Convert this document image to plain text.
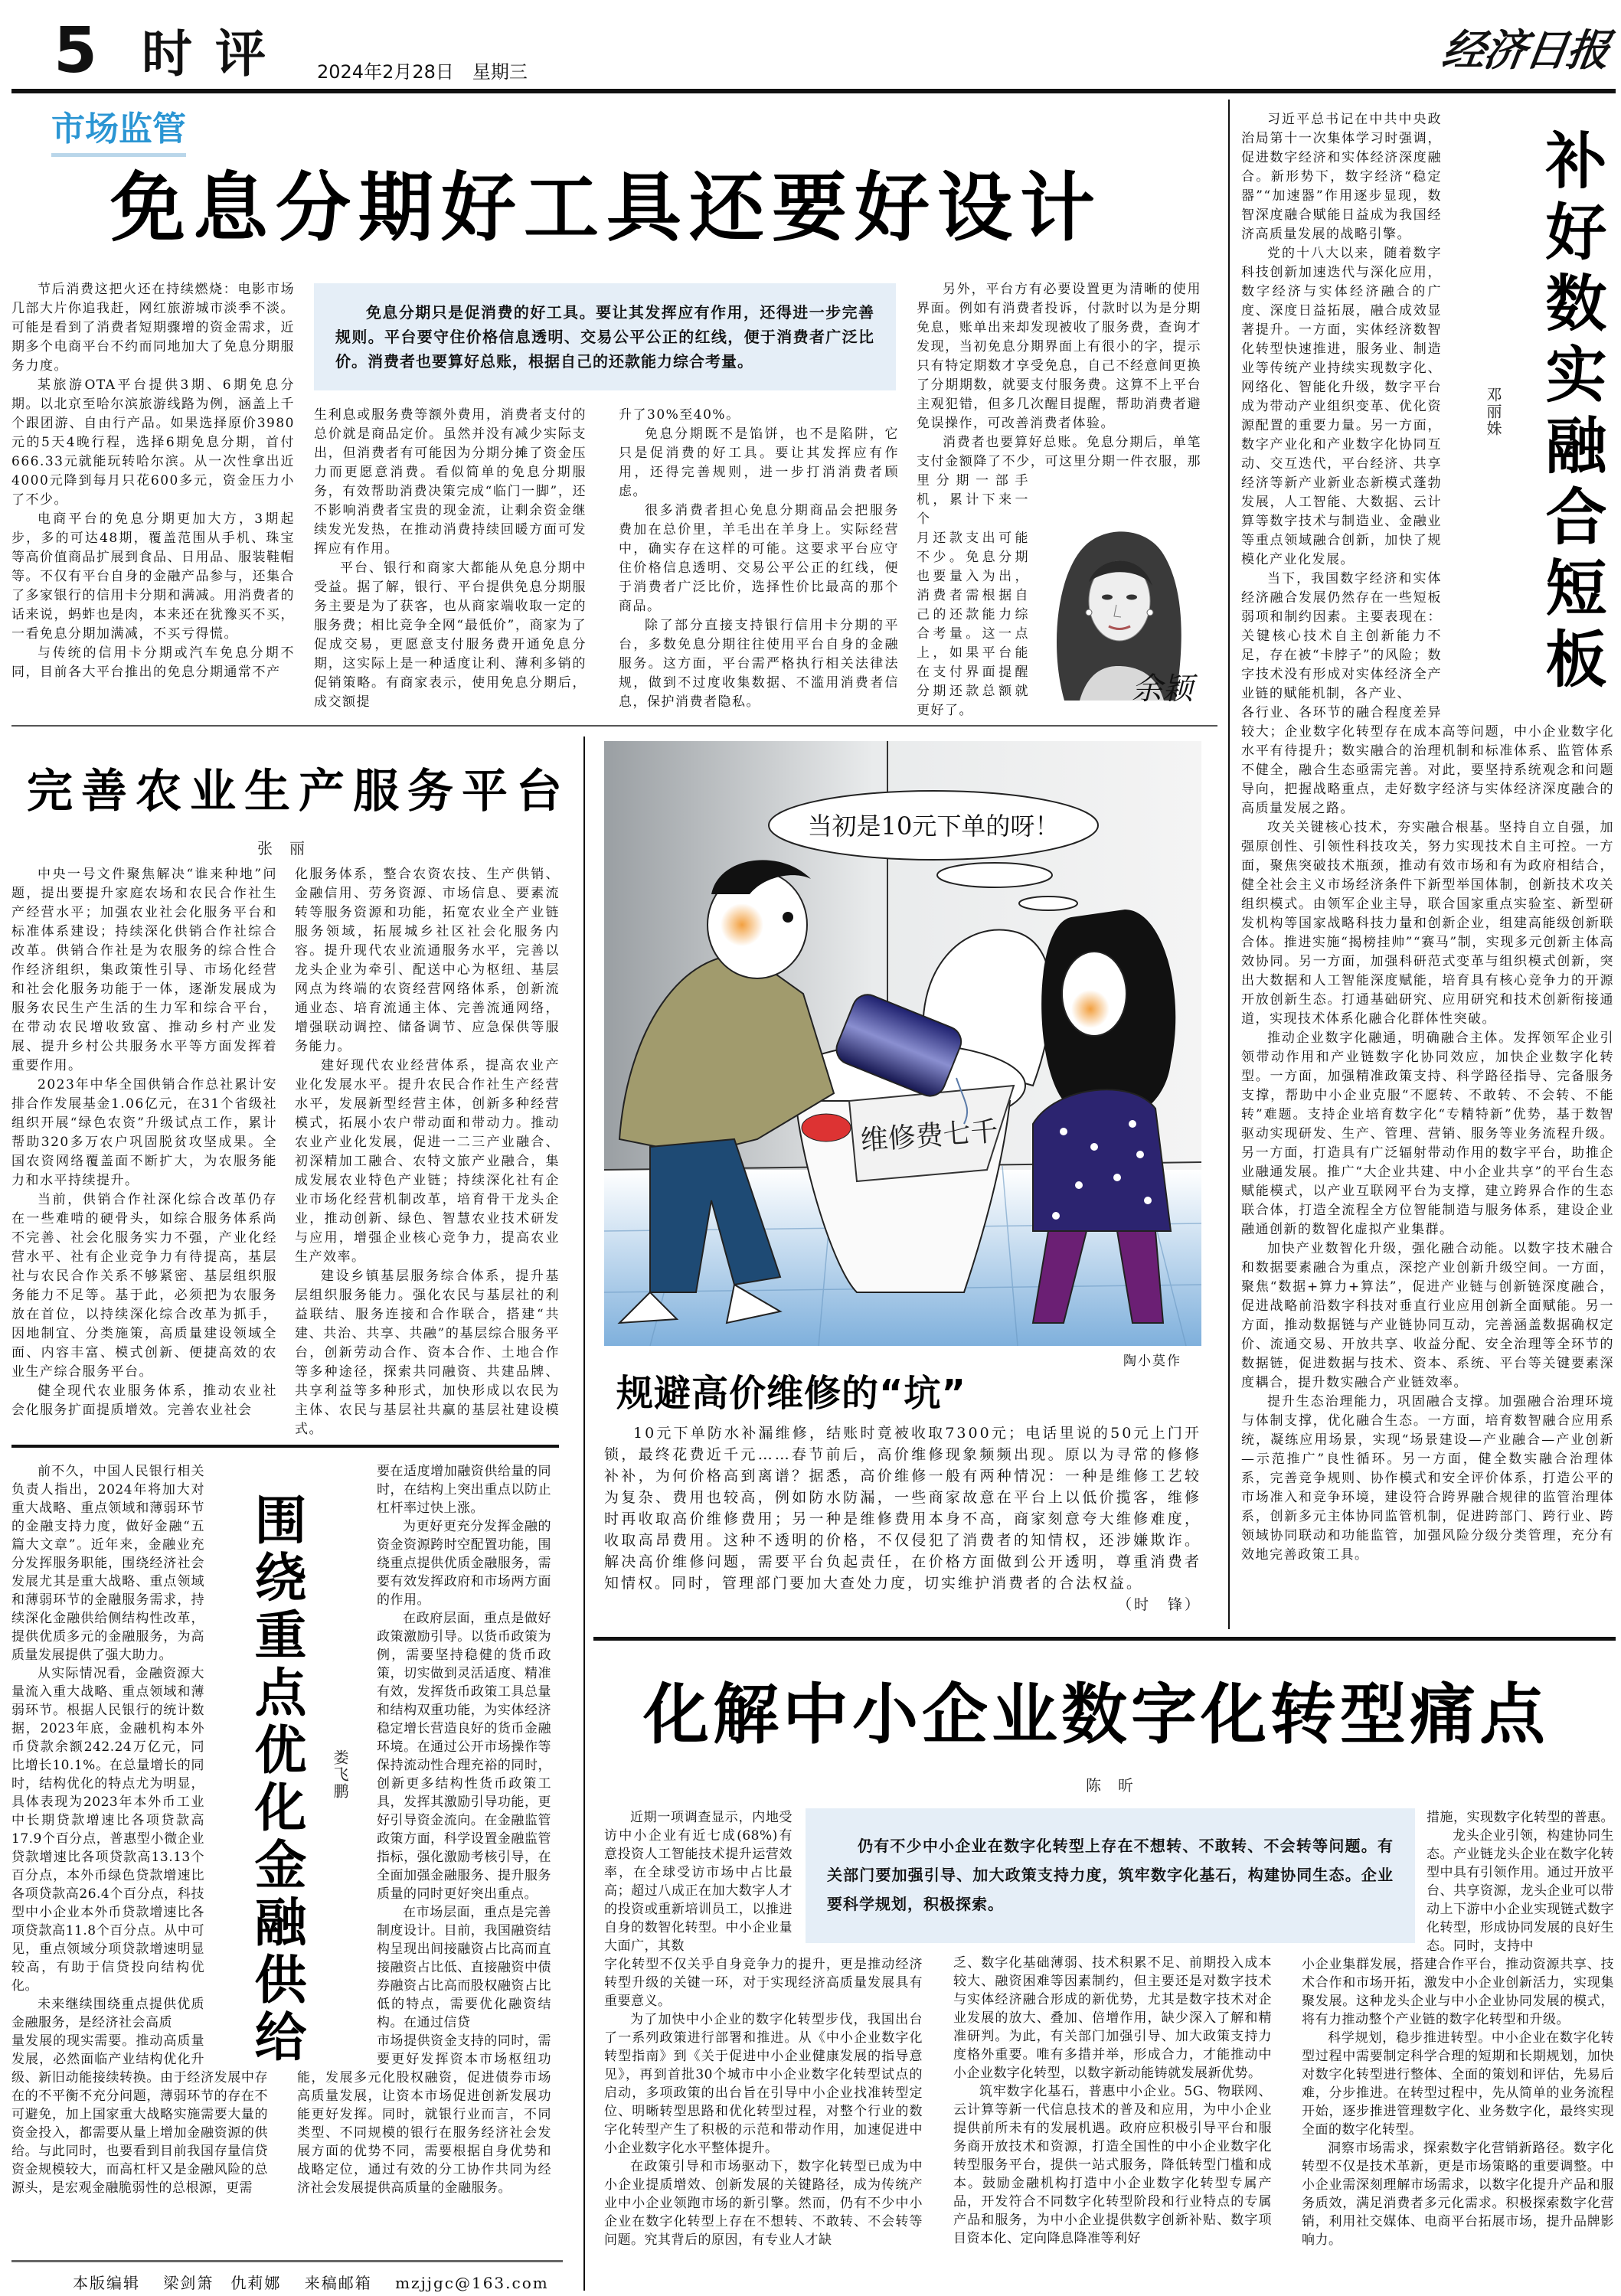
5 时评 2024年2月28日　星期三	经济日报
市场监管
免息分期好工具还要好设计

节后消费这把火还在持续燃烧：电影市场几部大片你追我赶，网红旅游城市淡季不淡。可能是看到了消费者短期骤增的资金需求，近期多个电商平台不约而同地加大了免息分期服务力度。

某旅游OTA平台提供3期、6期免息分期。以北京至哈尔滨旅游线路为例，涵盖上千个跟团游、自由行产品。如果选择原价3980元的5天4晚行程，选择6期免息分期，首付666.33元就能玩转哈尔滨。从一次性拿出近4000元降到每月只花600多元，资金压力小了不少。

电商平台的免息分期更加大方，3期起步，多的可达48期，覆盖范围从手机、珠宝等高价值商品扩展到食品、日用品、服装鞋帽等。不仅有平台自身的金融产品参与，还集合了多家银行的信用卡分期和满减。用消费者的话来说，蚂蚱也是肉，本来还在犹豫买不买，一看免息分期加满减，不买亏得慌。

与传统的信用卡分期或汽车免息分期不同，目前各大平台推出的免息分期通常不产

免息分期只是促消费的好工具。要让其发挥应有作用，还得进一步完善规则。平台要守住价格信息透明、交易公平公正的红线，便于消费者广泛比价。消费者也要算好总账，根据自己的还款能力综合考量。

生利息或服务费等额外费用，消费者支付的总价就是商品定价。虽然并没有减少实际支出，但消费者有可能因为分期分摊了资金压力而更愿意消费。看似简单的免息分期服务，有效帮助消费决策完成“临门一脚”，还不影响消费者宝贵的现金流，让剩余资金继续发光发热，在推动消费持续回暖方面可发挥应有作用。

平台、银行和商家大都能从免息分期中受益。据了解，银行、平台提供免息分期服务主要是为了获客，也从商家端收取一定的服务费；相比竞争全网“最低价”，商家为了促成交易，更愿意支付服务费开通免息分期，这实际上是一种适度让利、薄利多销的促销策略。有商家表示，使用免息分期后，成交额提

升了30%至40%。

免息分期既不是馅饼，也不是陷阱，它只是促消费的好工具。要让其发挥应有作用，还得完善规则，进一步打消消费者顾虑。

很多消费者担心免息分期商品会把服务费加在总价里，羊毛出在羊身上。实际经营中，确实存在这样的可能。这要求平台应守住价格信息透明、交易公平公正的红线，便于消费者广泛比价，选择性价比最高的那个商品。

除了部分直接支持银行信用卡分期的平台，多数免息分期往往使用平台自身的金融服务。这方面，平台需严格执行相关法律法规，做到不过度收集数据、不滥用消费者信息，保护消费者隐私。

另外，平台方有必要设置更为清晰的使用界面。例如有消费者投诉，付款时以为是分期免息，账单出来却发现被收了服务费，查询才发现，当初免息分期界面上有很小的字，提示只有特定期数才享受免息，自己不经意间更换了分期期数，就要支付服务费。这算不上平台主观犯错，但多几次醒目提醒，帮助消费者避免误操作，可改善消费者体验。

消费者也要算好总账。免息分期后，单笔支付金额降了不少，可这里分期一件衣服，那里分期一部手机，累计下来一个

月还款支出可能不少。免息分期也要量入为出，消费者需根据自己的还款能力综合考量。这一点上，如果平台能在支付界面提醒分期还款总额就更好了。

余颖

习近平总书记在中共中央政治局第十一次集体学习时强调，促进数字经济和实体经济深度融合。新形势下，数字经济“稳定器”“加速器”作用逐步显现，数智深度融合赋能日益成为我国经济高质量发展的战略引擎。

党的十八大以来，随着数字科技创新加速迭代与深化应用，数字经济与实体经济融合的广度、深度日益拓展，融合成效显著提升。一方面，实体经济数智化转型快速推进，服务业、制造业等传统产业持续实现数字化、网络化、智能化升级，数字平台成为带动产业组织变革、优化资源配置的重要力量。另一方面，数字产业化和产业数字化协同互动、交互迭代，平台经济、共享经济等新产业新业态新模式蓬勃发展，人工智能、大数据、云计算等数字技术与制造业、金融业等重点领域融合创新，加快了规模化产业化发展。

当下，我国数字经济和实体经济融合发展仍然存在一些短板弱项和制约因素。主要表现在：关键核心技术自主创新能力不足，存在被“卡脖子”的风险；数字技术没有形成对实体经济全产业链的赋能机制，各产业、

各行业、各环节的融合程度差异较大；企业数字化转型存在成本高等问题，中小企业数字化水平有待提升；数实融合的治理机制和标准体系、监管体系不健全，融合生态亟需完善。对此，要坚持系统观念和问题导向，把握战略重点，走好数字经济与实体经济深度融合的高质量发展之路。

攻关关键核心技术，夯实融合根基。坚持自立自强，加强原创性、引领性科技攻关，努力实现技术自主可控。一方面，聚焦突破技术瓶颈，推动有效市场和有为政府相结合，健全社会主义市场经济条件下新型举国体制，创新技术攻关组织模式。由领军企业主导，联合国家重点实验室、新型研发机构等国家战略科技力量和创新企业，组建高能级创新联合体。推进实施“揭榜挂帅”“赛马”制，实现多元创新主体高效协同。另一方面，加强科研范式变革与组织模式创新，突出大数据和人工智能深度赋能，培育具有核心竞争力的开源开放创新生态。打通基础研究、应用研究和技术创新衔接通道，实现技术体系化融合化群体性突破。

推动企业数字化融通，明确融合主体。发挥领军企业引领带动作用和产业链数字化协同效应，加快企业数字化转型。一方面，加强精准政策支持、科学路径指导、完备服务支撑，帮助中小企业克服“不愿转、不敢转、不会转、不能转”难题。支持企业培育数字化“专精特新”优势，基于数智驱动实现研发、生产、管理、营销、服务等业务流程升级。另一方面，打造具有广泛辐射带动作用的数字平台，助推企业融通发展。推广“大企业共建、中小企业共享”的平台生态赋能模式，以产业互联网平台为支撑，建立跨界合作的生态联合体，打造全流程全方位智能制造与服务体系，建设企业融通创新的数智化虚拟产业集群。

加快产业数智化升级，强化融合动能。以数字技术融合和数据要素融合为重点，深挖产业创新升级空间。一方面，聚焦“数据+算力+算法”，促进产业链与创新链深度融合，促进战略前沿数字科技对垂直行业应用创新全面赋能。另一方面，推动数据链与产业链协同互动，完善涵盖数据确权定价、流通交易、开放共享、收益分配、安全治理等全环节的数据链，促进数据与技术、资本、系统、平台等关键要素深度耦合，提升数实融合产业链效率。

提升生态治理能力，巩固融合支撑。加强融合治理环境与体制支撑，优化融合生态。一方面，培育数智融合应用系统，凝练应用场景，实现“场景建设—产业融合—产业创新—示范推广”良性循环。另一方面，健全数实融合治理体系，完善竞争规则、协作模式和安全评价体系，打造公平的市场准入和竞争环境，建设符合跨界融合规律的监管治理体系，创新多元主体协同监管机制，促进跨部门、跨行业、跨领域协同联动和功能监管，加强风险分级分类管理，充分有效地完善政策工具。

邓丽姝 补好数实融合短板
完善农业生产服务平台
张丽

中央一号文件聚焦解决“谁来种地”问题，提出要提升家庭农场和农民合作社生产经营水平；加强农业社会化服务平台和标准体系建设；持续深化供销合作社综合改革。供销合作社是为农服务的综合性合作经济组织，集政策性引导、市场化经营和社会化服务功能于一体，逐渐发展成为服务农民生产生活的生力军和综合平台，在带动农民增收致富、推动乡村产业发展、提升乡村公共服务水平等方面发挥着重要作用。

2023年中华全国供销合作总社累计安排合作发展基金1.06亿元，在31个省级社组织开展“绿色农资”升级试点工作，累计帮助320多万农户巩固脱贫攻坚成果。全国农资网络覆盖面不断扩大，为农服务能力和水平持续提升。

当前，供销合作社深化综合改革仍存在一些难啃的硬骨头，如综合服务体系尚不完善、社会化服务实力不强，产业化经营水平、社有企业竞争力有待提高，基层社与农民合作关系不够紧密、基层组织服务能力不足等。基于此，必须把为农服务放在首位，以持续深化综合改革为抓手，因地制宜、分类施策，高质量建设领域全面、内容丰富、模式创新、便捷高效的农业生产综合服务平台。

健全现代农业服务体系，推动农业社会化服务扩面提质增效。完善农业社会

化服务体系，整合农资农技、生产供销、金融信用、劳务资源、市场信息、要素流转等服务资源和功能，拓宽农业全产业链服务领域，拓展城乡社区社会化服务内容。提升现代农业流通服务水平，完善以龙头企业为牵引、配送中心为枢纽、基层网点为终端的农资经营网络体系，创新流通业态、培育流通主体、完善流通网络，增强联动调控、储备调节、应急保供等服务能力。

建好现代农业经营体系，提高农业产业化发展水平。提升农民合作社生产经营水平，发展新型经营主体，创新多种经营模式，拓展小农户带动面和带动力。推动农业产业化发展，促进一二三产业融合、初深精加工融合、农特文旅产业融合，集成发展农业特色产业链；持续深化社有企业市场化经营机制改革，培育骨干龙头企业，推动创新、绿色、智慧农业技术研发与应用，增强企业核心竞争力，提高农业生产效率。

建设乡镇基层服务综合体系，提升基层组织服务能力。强化农民与基层社的利益联结、服务连接和合作联合，搭建“共建、共治、共享、共融”的基层综合服务平台，创新劳动合作、资本合作、土地合作等多种途径，探索共同融资、共建品牌、共享利益等多种形式，加快形成以农民为主体、农民与基层社共赢的基层社建设模式。

当初是10元下单的呀！
维修费七千
陶小莫作
规避高价维修的“坑”

10元下单防水补漏维修，结账时竟被收取7300元；电话里说的50元上门开锁，最终花费近千元……春节前后，高价维修现象频频出现。原以为寻常的修修补补，为何价格高到离谱？据悉，高价维修一般有两种情况：一种是维修工艺较为复杂、费用也较高，例如防水防漏，一些商家故意在平台上以低价揽客，维修时再收取高价维修费用；另一种是维修费用本身不高，商家刻意夸大维修难度，收取高昂费用。这种不透明的价格，不仅侵犯了消费者的知情权，还涉嫌欺诈。解决高价维修问题，需要平台负起责任，在价格方面做到公开透明，尊重消费者知情权。同时，管理部门要加大查处力度，切实维护消费者的合法权益。

（时　锋）

前不久，中国人民银行相关负责人指出，2024年将加大对重大战略、重点领域和薄弱环节的金融支持力度，做好金融“五篇大文章”。近年来，金融业充分发挥服务职能，围绕经济社会发展尤其是重大战略、重点领域和薄弱环节的金融服务需求，持续深化金融供给侧结构性改革，提供优质多元的金融服务，为高质量发展提供了强大助力。

从实际情况看，金融资源大量流入重大战略、重点领域和薄弱环节。根据人民银行的统计数据，2023年底，金融机构本外币贷款余额242.24万亿元，同比增长10.1%。在总量增长的同时，结构优化的特点尤为明显，具体表现为2023年本外币工业中长期贷款增速比各项贷款高17.9个百分点，普惠型小微企业贷款增速比各项贷款高13.13个百分点，本外币绿色贷款增速比各项贷款高26.4个百分点，科技型中小企业本外币贷款增速比各项贷款高11.8个百分点。从中可见，重点领域分项贷款增速明显较高，有助于信贷投向结构优化。

未来继续围绕重点提供优质金融服务，是经济社会高质

量发展的现实需要。推动高质量发展，必然面临产业结构优化升级、新旧动能接续转换。由于经济发展中存在的不平衡不充分问题，薄弱环节的存在不可避免，加上国家重大战略实施需要大量的资金投入，都需要从量上增加金融资源的供给。与此同时，也要看到目前我国存量信贷资金规模较大，而高杠杆又是金融风险的总源头，是宏观金融脆弱性的总根源，更需

围绕重点优化金融供给	娄飞鹏

要在适度增加融资供给量的同时，在结构上突出重点以防止杠杆率过快上涨。

为更好更充分发挥金融的资金资源跨时空配置功能，围绕重点提供优质金融服务，需要有效发挥政府和市场两方面的作用。

在政府层面，重点是做好政策激励引导。以货币政策为例，需要坚持稳健的货币政策，切实做到灵活适度、精准有效，发挥货币政策工具总量和结构双重功能，为实体经济稳定增长营造良好的货币金融环境。在通过公开市场操作等保持流动性合理充裕的同时，创新更多结构性货币政策工具，发挥其激励引导功能，更好引导资金流向。在金融监管政策方面，科学设置金融监管指标，强化激励考核引导，在全面加强金融服务、提升服务质量的同时更好突出重点。

在市场层面，重点是完善制度设计。目前，我国融资结构呈现出间接融资占比高而直接融资占比低、直接融资中债券融资占比高而股权融资占比低的特点，需要优化融资结构。在通过信贷

市场提供资金支持的同时，需要更好发挥资本市场枢纽功能，发展多元化股权融资，促进债券市场高质量发展，让资本市场促进创新发展功能更好发挥。同时，就银行业而言，不同类型、不同规模的银行在服务经济社会发展方面的优势不同，需要根据自身优势和战略定位，通过有效的分工协作共同为经济社会发展提供高质量的金融服务。

本版编辑 梁剑箫　仇莉娜 来稿邮箱 mzjjgc@163.com
化解中小企业数字化转型痛点
陈昕

仍有不少中小企业在数字化转型上存在不想转、不敢转、不会转等问题。有关部门要加强引导、加大政策支持力度，筑牢数字化基石，构建协同生态。企业要科学规划，积极探索。

近期一项调查显示，内地受访中小企业有近七成(68%)有意投资人工智能技术提升运营效率，在全球受访市场中占比最高；超过八成正在加大数字人才的投资或重新培训员工，以推进自身的数智化转型。中小企业量大面广，其数

字化转型不仅关乎自身竞争力的提升，更是推动经济转型升级的关键一环，对于实现经济高质量发展具有重要意义。

为了加快中小企业的数字化转型步伐，我国出台了一系列政策进行部署和推进。从《中小企业数字化转型指南》到《关于促进中小企业健康发展的指导意见》，再到首批30个城市中小企业数字化转型试点的启动，多项政策的出台旨在引导中小企业找准转型定位、明晰转型思路和优化转型过程，对整个行业的数字化转型产生了积极的示范和带动作用，加速促进中小企业数字化水平整体提升。

在政策引导和市场驱动下，数字化转型已成为中小企业提质增效、创新发展的关键路径，成为传统产业中小企业领跑市场的新引擎。然而，仍有不少中小企业在数字化转型上存在不想转、不敢转、不会转等问题。究其背后的原因，有专业人才缺

乏、数字化基础薄弱、技术积累不足、前期投入成本较大、融资困难等因素制约，但主要还是对数字技术与实体经济融合形成的新优势，尤其是数字技术对企业发展的放大、叠加、倍增作用，缺少深入了解和精准研判。为此，有关部门加强引导、加大政策支持力度格外重要。唯有多措并举，形成合力，才能推动中小企业数字化转型，以数字新动能铸就发展新优势。

筑牢数字化基石，普惠中小企业。5G、物联网、云计算等新一代信息技术的普及和应用，为中小企业提供前所未有的发展机遇。政府应积极引导平台和服务商开放技术和资源，打造全国性的中小企业数字化转型服务平台，提供一站式服务，降低转型门槛和成本。鼓励金融机构打造中小企业数字化转型专属产品，开发符合不同数字化转型阶段和行业特点的专属产品和服务，为中小企业提供数字创新补贴、数字项目资本化、定向降息降准等利好

措施，实现数字化转型的普惠。

龙头企业引领，构建协同生态。产业链龙头企业在数字化转型中具有引领作用。通过开放平台、共享资源，龙头企业可以带动上下游中小企业实现链式数字化转型，形成协同发展的良好生态。同时，支持中

小企业集群发展，搭建合作平台，推动资源共享、技术合作和市场开拓，激发中小企业创新活力，实现集聚发展。这种龙头企业与中小企业协同发展的模式，将有力推动整个产业链的数字化转型和升级。

科学规划，稳步推进转型。中小企业在数字化转型过程中需要制定科学合理的短期和长期规划，加快对数字化转型进行整体、全面的策划和评估，先易后难，分步推进。在转型过程中，先从简单的业务流程开始，逐步推进管理数字化、业务数字化，最终实现全面的数字化转型。

洞察市场需求，探索数字化营销新路径。数字化转型不仅是技术革新，更是市场策略的重要调整。中小企业需深刻理解市场需求，以数字化提升产品和服务质效，满足消费者多元化需求。积极探索数字化营销，利用社交媒体、电商平台拓展市场，提升品牌影响力。
